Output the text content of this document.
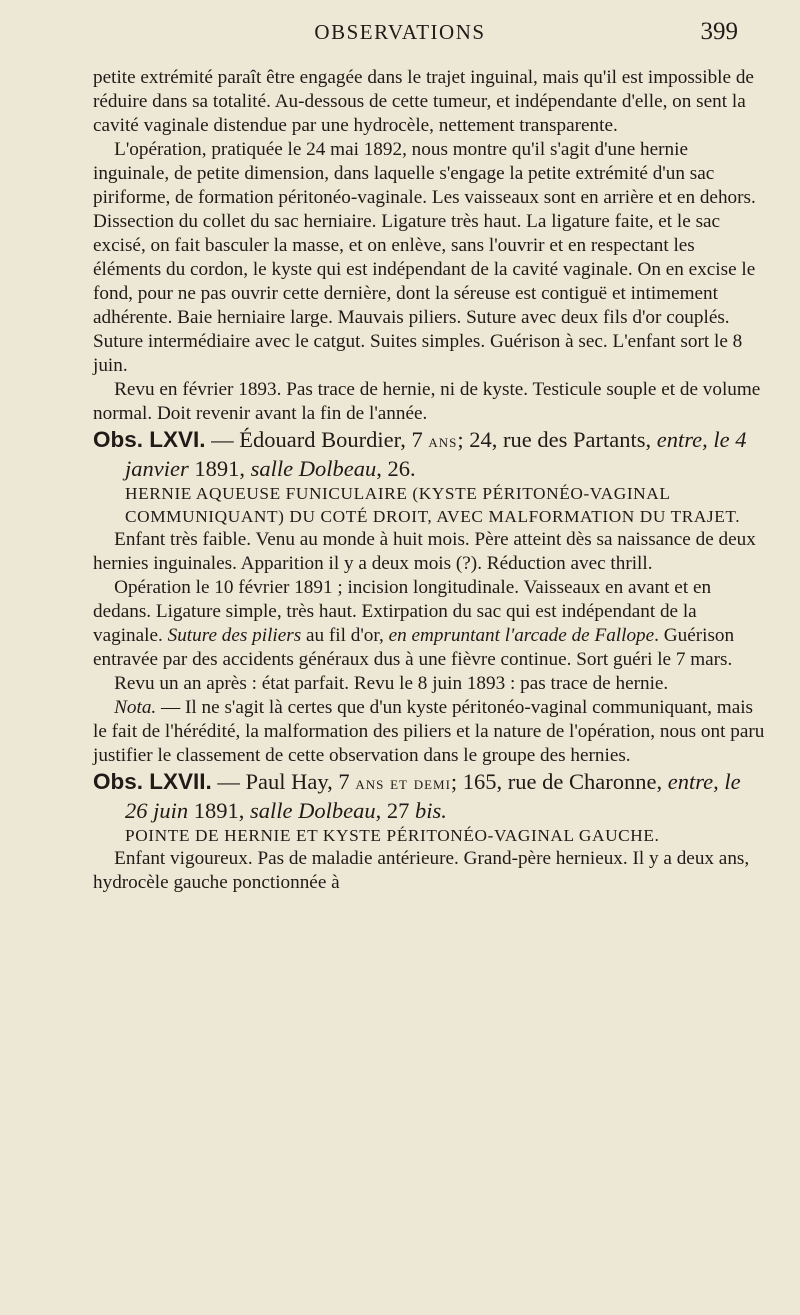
OBSERVATIONS	399

petite extrémité paraît être engagée dans le trajet inguinal, mais qu'il est impossible de réduire dans sa totalité. Au-dessous de cette tumeur, et indépendante d'elle, on sent la cavité vaginale distendue par une hydrocèle, nettement transparente.

L'opération, pratiquée le 24 mai 1892, nous montre qu'il s'agit d'une hernie inguinale, de petite dimension, dans laquelle s'engage la petite extrémité d'un sac piriforme, de formation péritonéo-vaginale. Les vaisseaux sont en arrière et en dehors. Dissection du collet du sac herniaire. Ligature très haut. La ligature faite, et le sac excisé, on fait basculer la masse, et on enlève, sans l'ouvrir et en respectant les éléments du cordon, le kyste qui est indépendant de la cavité vaginale. On en excise le fond, pour ne pas ouvrir cette dernière, dont la séreuse est contiguë et intimement adhérente. Baie herniaire large. Mauvais piliers. Suture avec deux fils d'or couplés. Suture intermédiaire avec le catgut. Suites simples. Guérison à sec. L'enfant sort le 8 juin.

Revu en février 1893. Pas trace de hernie, ni de kyste. Testicule souple et de volume normal. Doit revenir avant la fin de l'année.

Obs. LXVI. — Édouard Bourdier, 7 ans; 24, rue des Partants, entre, le 4 janvier 1891, salle Dolbeau, 26.

HERNIE AQUEUSE FUNICULAIRE (KYSTE PÉRITONÉO-VAGINAL COMMUNIQUANT) DU COTÉ DROIT, AVEC MALFORMATION DU TRAJET.

Enfant très faible. Venu au monde à huit mois. Père atteint dès sa naissance de deux hernies inguinales. Apparition il y a deux mois (?). Réduction avec thrill.

Opération le 10 février 1891 ; incision longitudinale. Vaisseaux en avant et en dedans. Ligature simple, très haut. Extirpation du sac qui est indépendant de la vaginale. Suture des piliers au fil d'or, en empruntant l'arcade de Fallope. Guérison entravée par des accidents généraux dus à une fièvre continue. Sort guéri le 7 mars.

Revu un an après : état parfait. Revu le 8 juin 1893 : pas trace de hernie.

Nota. — Il ne s'agit là certes que d'un kyste péritonéo-vaginal communiquant, mais le fait de l'hérédité, la malformation des piliers et la nature de l'opération, nous ont paru justifier le classement de cette observation dans le groupe des hernies.

Obs. LXVII. — Paul Hay, 7 ans et demi; 165, rue de Charonne, entre, le 26 juin 1891, salle Dolbeau, 27 bis.

POINTE DE HERNIE ET KYSTE PÉRITONÉO-VAGINAL GAUCHE.

Enfant vigoureux. Pas de maladie antérieure. Grand-père hernieux. Il y a deux ans, hydrocèle gauche ponctionnée à
